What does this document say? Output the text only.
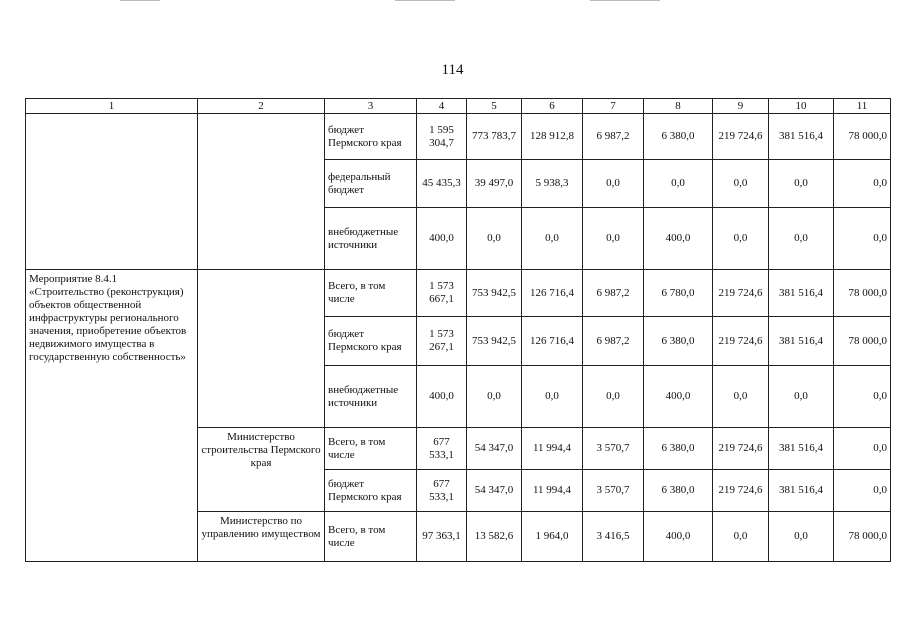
114
1	2	3	4	5	6	7	8	9	10	11
		бюджет Пермского края	1 595 304,7	773 783,7	128 912,8	6 987,2	6 380,0	219 724,6	381 516,4	78 000,0
		федеральный бюджет	45 435,3	39 497,0	5 938,3	0,0	0,0	0,0	0,0	0,0
		внебюджетные источники	400,0	0,0	0,0	0,0	400,0	0,0	0,0	0,0
Мероприятие 8.4.1 «Строительство (реконструкция) объектов общественной инфраструктуры регионального значения, приобретение объектов недвижимого имущества в государственную собственность»		Всего, в том числе	1 573 667,1	753 942,5	126 716,4	6 987,2	6 780,0	219 724,6	381 516,4	78 000,0
		бюджет Пермского края	1 573 267,1	753 942,5	126 716,4	6 987,2	6 380,0	219 724,6	381 516,4	78 000,0
		внебюджетные источники	400,0	0,0	0,0	0,0	400,0	0,0	0,0	0,0
	Министерство строительства Пермского края	Всего, в том числе	677 533,1	54 347,0	11 994,4	3 570,7	6 380,0	219 724,6	381 516,4	0,0
		бюджет Пермского края	677 533,1	54 347,0	11 994,4	3 570,7	6 380,0	219 724,6	381 516,4	0,0
	Министерство по управлению имуществом	Всего, в том числе	97 363,1	13 582,6	1 964,0	3 416,5	400,0	0,0	0,0	78 000,0
